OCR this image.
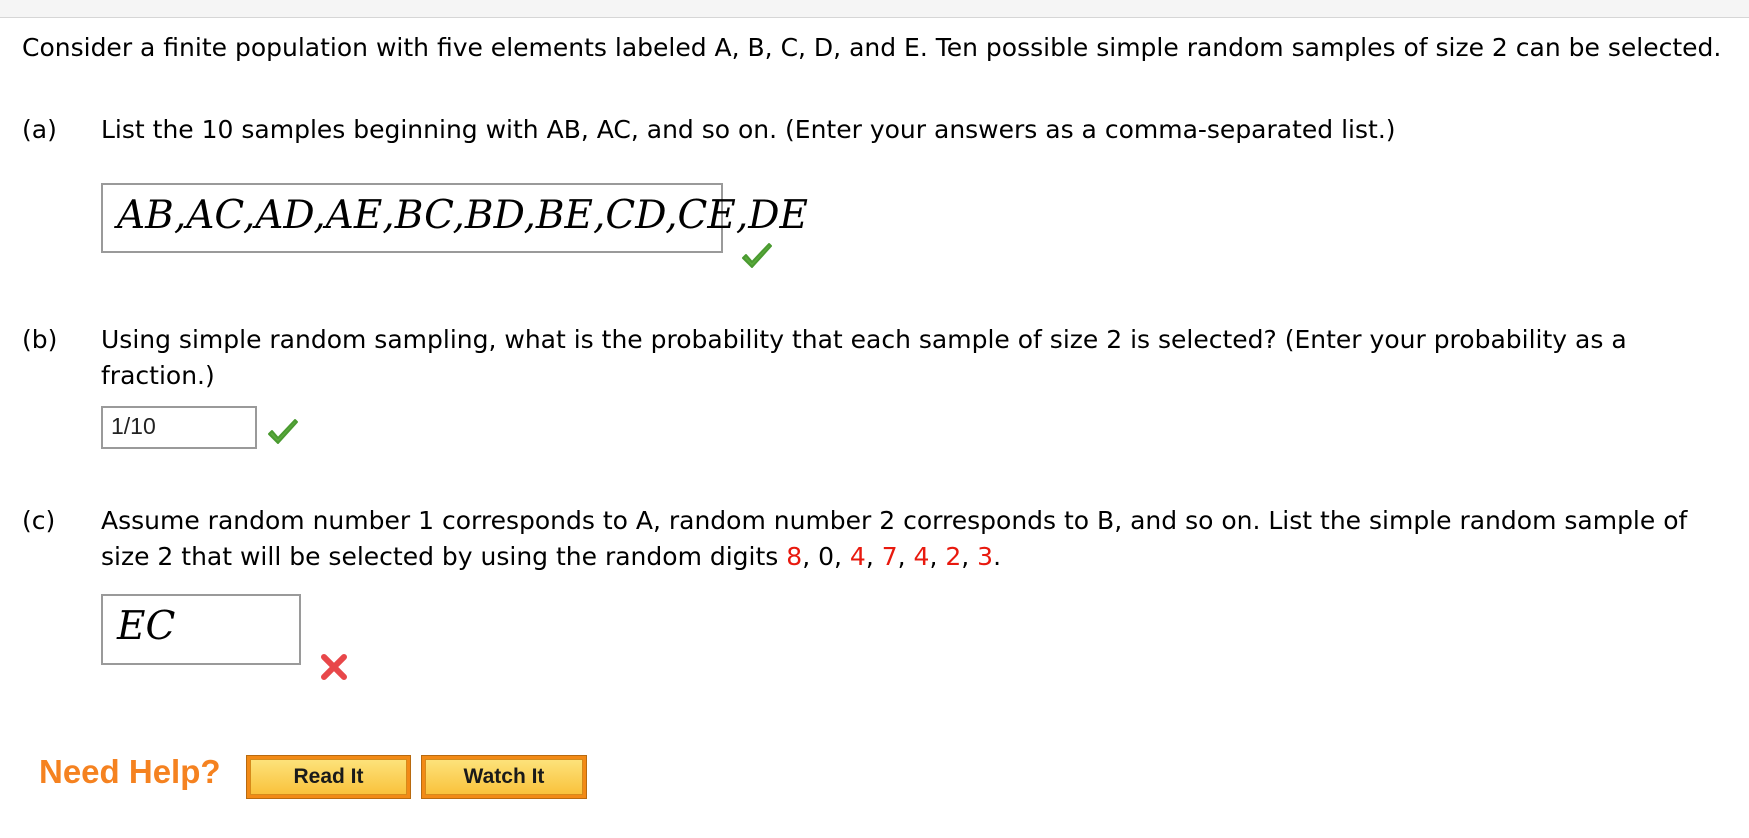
Consider a finite population with five elements labeled A, B, C, D, and E. Ten possible simple random samples of size 2 can be selected.
(a) List the 10 samples beginning with AB, AC, and so on. (Enter your answers as a comma-separated list.)
AB,AC,AD,AE,BC,BD,BE,CD,CE,DE
(b) Using simple random sampling, what is the probability that each sample of size 2 is selected? (Enter your probability as a fraction.)
1/10
(c) Assume random number 1 corresponds to A, random number 2 corresponds to B, and so on. List the simple random sample of size 2 that will be selected by using the random digits 8, 0, 4, 7, 4, 2, 3.
EC
Need Help?	Read It	Watch It
